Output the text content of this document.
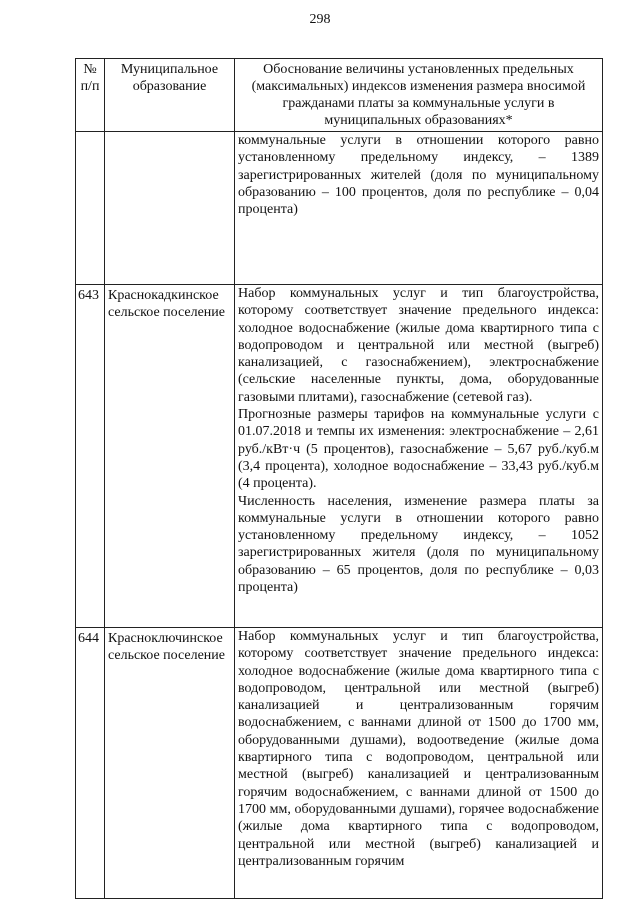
298
№ п/п	Муниципальное образование	Обоснование величины установленных предельных (максимальных) индексов изменения размера вносимой гражданами платы за коммунальные услуги в муниципальных образованиях*

		коммунальные услуги в отношении которого равно установленному предельному индексу, – 1389 зарегистрированных жителей (доля по муниципальному образованию – 100 процентов, доля по республике – 0,04 процента)

643	Краснокадкинское сельское поселение	Набор коммунальных услуг и тип благоустройства, которому соответствует значение предельного индекса: холодное водоснабжение (жилые дома квартирного типа с водопроводом и центральной или местной (выгреб) канализацией, с газоснабжением), электроснабжение (сельские населенные пункты, дома, оборудованные газовыми плитами), газоснабжение (сетевой газ).

Прогнозные размеры тарифов на коммунальные услуги с 01.07.2018 и темпы их изменения: электроснабжение – 2,61 руб./кВт·ч (5 процентов), газоснабжение – 5,67 руб./куб.м (3,4 процента), холодное водоснабжение – 33,43 руб./куб.м (4 процента).

Численность населения, изменение размера платы за коммунальные услуги в отношении которого равно установленному предельному индексу, – 1052 зарегистрированных жителя (доля по муниципальному образованию – 65 процентов, доля по республике – 0,03 процента)

644	Красноключинское сельское поселение	Набор коммунальных услуг и тип благоустройства, которому соответствует значение предельного индекса: холодное водоснабжение (жилые дома квартирного типа с водопроводом, центральной или местной (выгреб) канализацией и централизованным горячим водоснабжением, с ваннами длиной от 1500 до 1700 мм, оборудованными душами), водоотведение (жилые дома квартирного типа с водопроводом, центральной или местной (выгреб) канализацией и централизованным горячим водоснабжением, с ваннами длиной от 1500 до 1700 мм, оборудованными душами), горячее водоснабжение (жилые дома квартирного типа с водопроводом, центральной или местной (выгреб) канализацией и централизованным горячим
